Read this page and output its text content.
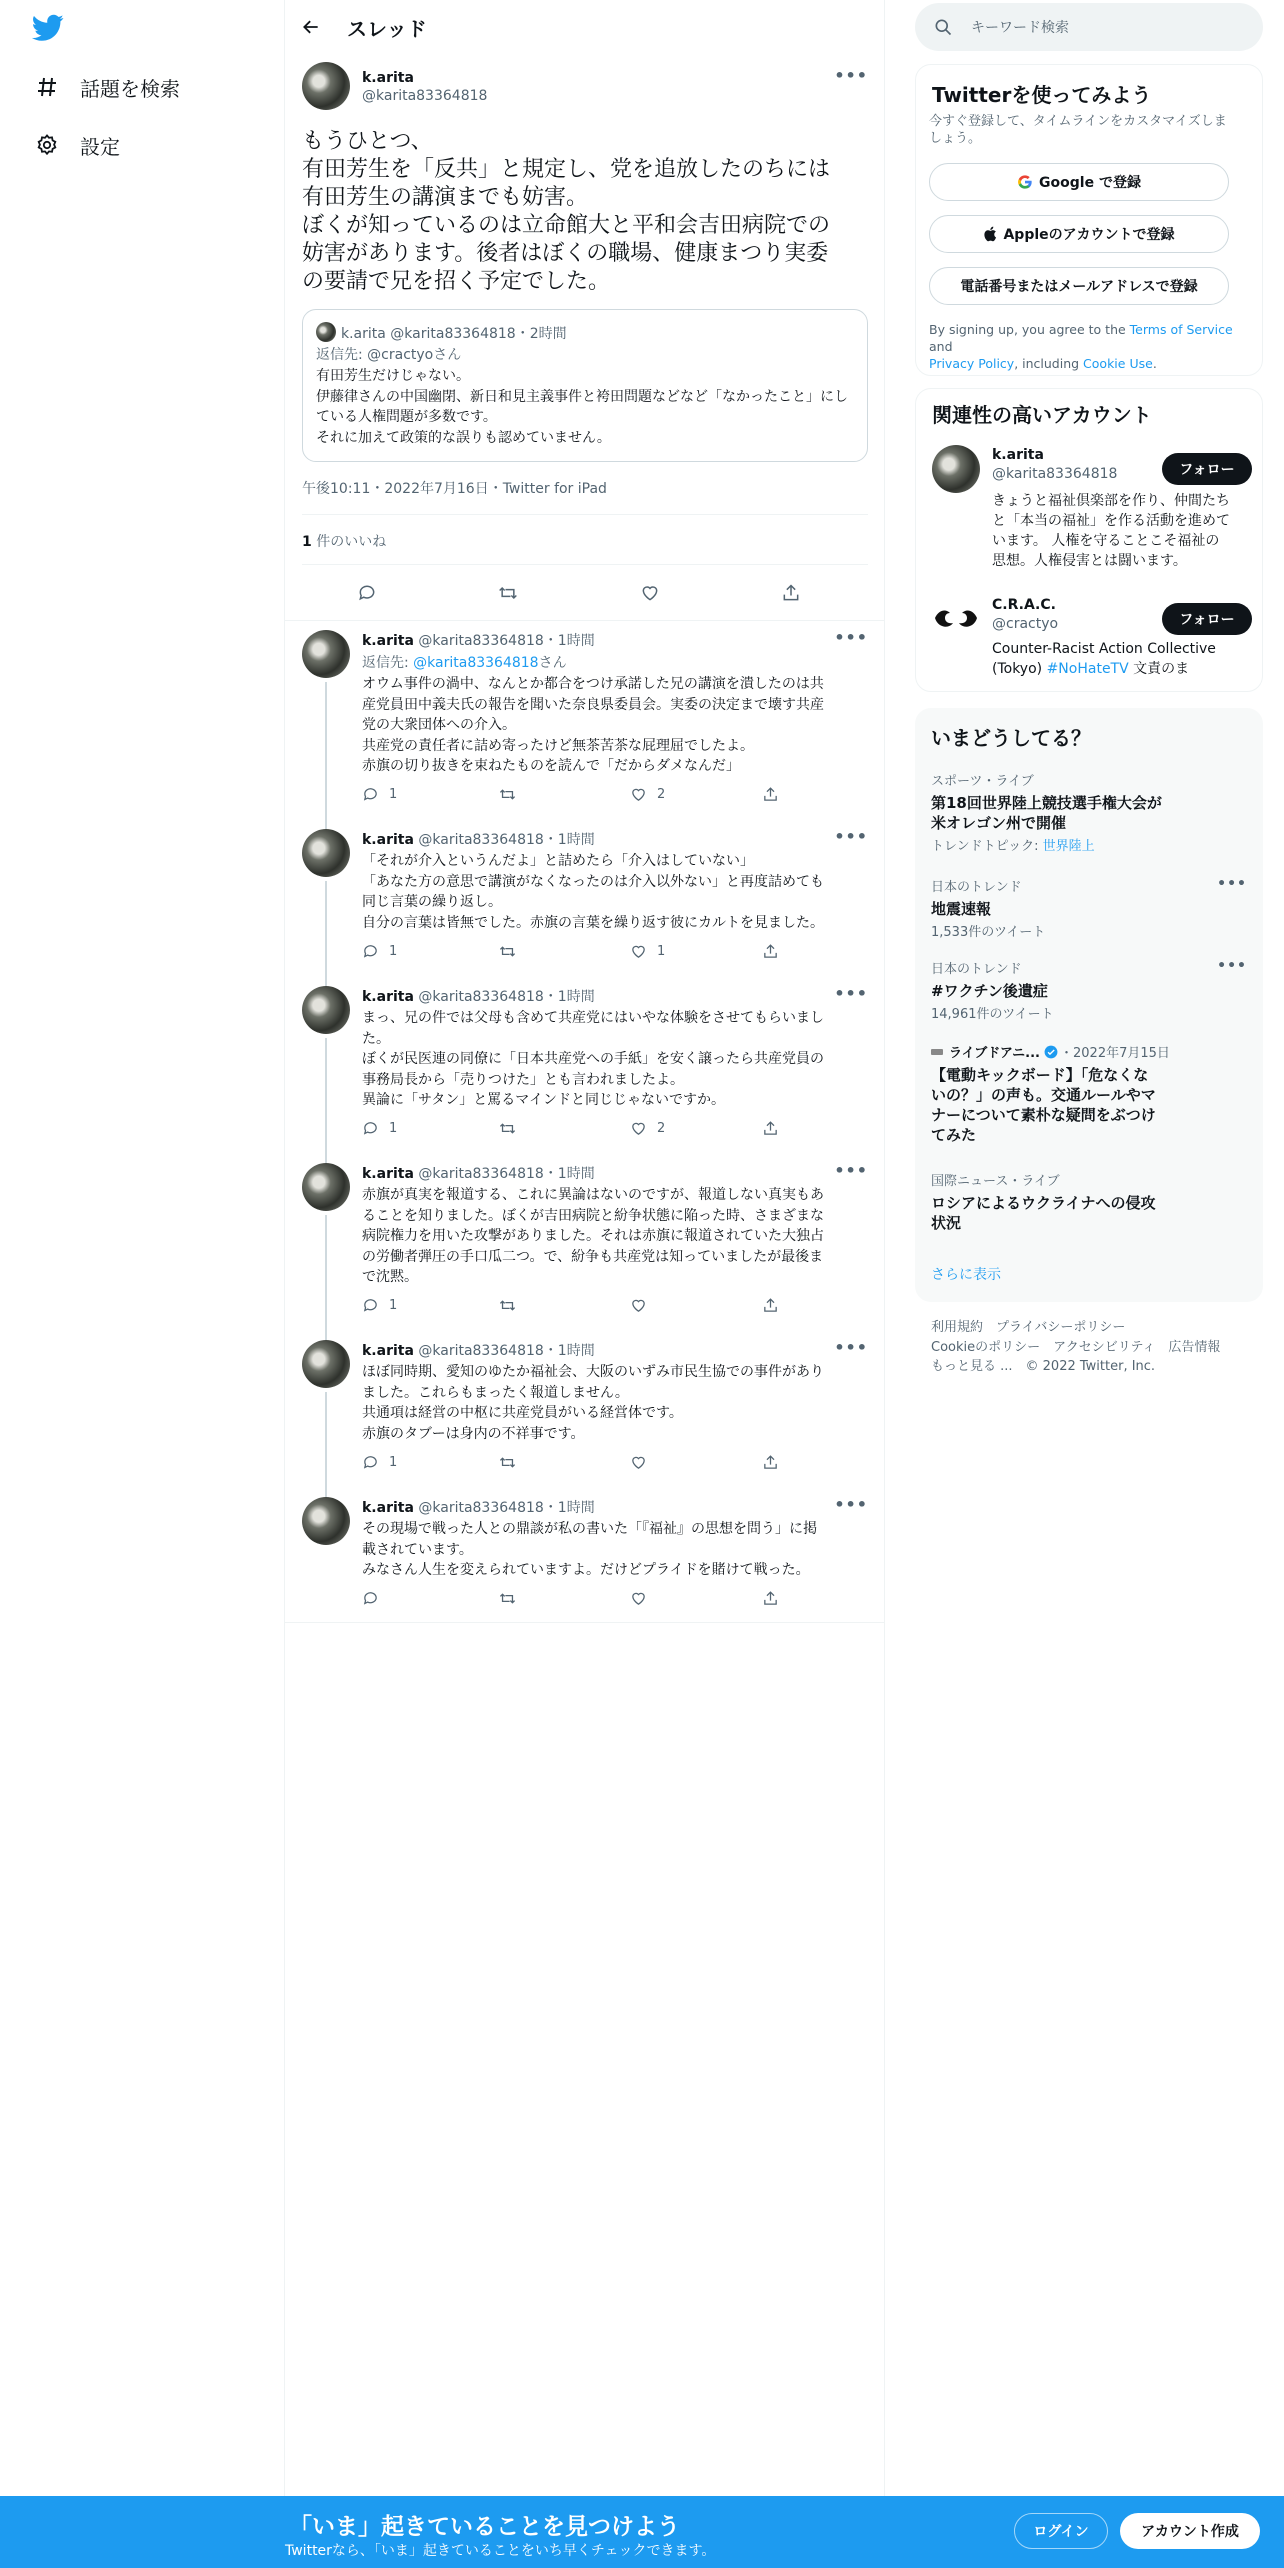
話題を検索
設定
スレッド
k.arita
@karita83364818
•••
もうひとつ、
有田芳生を「反共」と規定し、党を追放したのちには
有田芳生の講演までも妨害。
ぼくが知っているのは立命館大と平和会吉田病院での
妨害があります。後者はぼくの職場、健康まつり実委
の要請で兄を招く予定でした。
k.arita @karita83364818・2時間
返信先: @cractyoさん
有田芳生だけじゃない。
伊藤律さんの中国幽閉、新日和見主義事件と袴田問題などなど「なかったこと」にし
ている人権問題が多数です。
それに加えて政策的な誤りも認めていません。
午後10:11・2022年7月16日・Twitter for iPad
1 件のいいね
k.arita @karita83364818・1時間	•••
返信先: @karita83364818さん
オウム事件の渦中、なんとか都合をつけ承諾した兄の講演を潰したのは共
産党員田中義夫氏の報告を聞いた奈良県委員会。実委の決定まで壊す共産
党の大衆団体への介入。
共産党の責任者に詰め寄ったけど無茶苦茶な屁理屈でしたよ。
赤旗の切り抜きを束ねたものを読んで「だからダメなんだ」
1	2
k.arita @karita83364818・1時間	•••
「それが介入というんだよ」と詰めたら「介入はしていない」
「あなた方の意思で講演がなくなったのは介入以外ない」と再度詰めても
同じ言葉の繰り返し。
自分の言葉は皆無でした。赤旗の言葉を繰り返す彼にカルトを見ました。
1	1
k.arita @karita83364818・1時間	•••
まっ、兄の件では父母も含めて共産党にはいやな体験をさせてもらいまし
た。
ぼくが民医連の同僚に「日本共産党への手紙」を安く譲ったら共産党員の
事務局長から「売りつけた」とも言われましたよ。
異論に「サタン」と罵るマインドと同じじゃないですか。
1	2
k.arita @karita83364818・1時間	•••
赤旗が真実を報道する、これに異論はないのですが、報道しない真実もあ
ることを知りました。ぼくが吉田病院と紛争状態に陥った時、さまざまな
病院権力を用いた攻撃がありました。それは赤旗に報道されていた大独占
の労働者弾圧の手口瓜二つ。で、紛争も共産党は知っていましたが最後ま
で沈黙。
1
k.arita @karita83364818・1時間	•••
ほぼ同時期、愛知のゆたか福祉会、大阪のいずみ市民生協での事件があり
ました。これらもまったく報道しません。
共通項は経営の中枢に共産党員がいる経営体です。
赤旗のタブーは身内の不祥事です。
1
k.arita @karita83364818・1時間	•••
その現場で戦った人との鼎談が私の書いた「『福祉』の思想を問う」に掲
載されています。
みなさん人生を変えられていますよ。だけどプライドを賭けて戦った。
キーワード検索
Twitterを使ってみよう
今すぐ登録して、タイムラインをカスタマイズしま
しょう。
Google で登録
Appleのアカウントで登録
電話番号またはメールアドレスで登録
By signing up, you agree to the Terms of Service and
Privacy Policy, including Cookie Use.
関連性の高いアカウント
k.arita
@karita83364818	フォロー
きょうと福祉倶楽部を作り、仲間たち
と「本当の福祉」を作る活動を進めて
います。 人権を守ることこそ福祉の
思想。人権侵害とは闘います。
C.R.A.C.
@cractyo	フォロー
Counter-Racist Action Collective
(Tokyo) #NoHateTV 文責のま
いまどうしてる？
スポーツ・ライブ
第18回世界陸上競技選手権大会が
米オレゴン州で開催
トレンドトピック: 世界陸上
日本のトレンド
地震速報
1,533件のツイート
•••
日本のトレンド
#ワクチン後遺症
14,961件のツイート
•••
ライブドアニ... ・2022年7月15日
【電動キックボード】「危なくな
いの？」の声も。交通ルールやマ
ナーについて素朴な疑問をぶつけ
てみた
国際ニュース・ライブ
ロシアによるウクライナへの侵攻
状況
さらに表示
利用規約　プライバシーポリシー
Cookieのポリシー　アクセシビリティ　広告情報
もっと見る ...　© 2022 Twitter, Inc.
「いま」起きていることを見つけよう
Twitterなら、「いま」起きていることをいち早くチェックできます。
ログイン	アカウント作成
